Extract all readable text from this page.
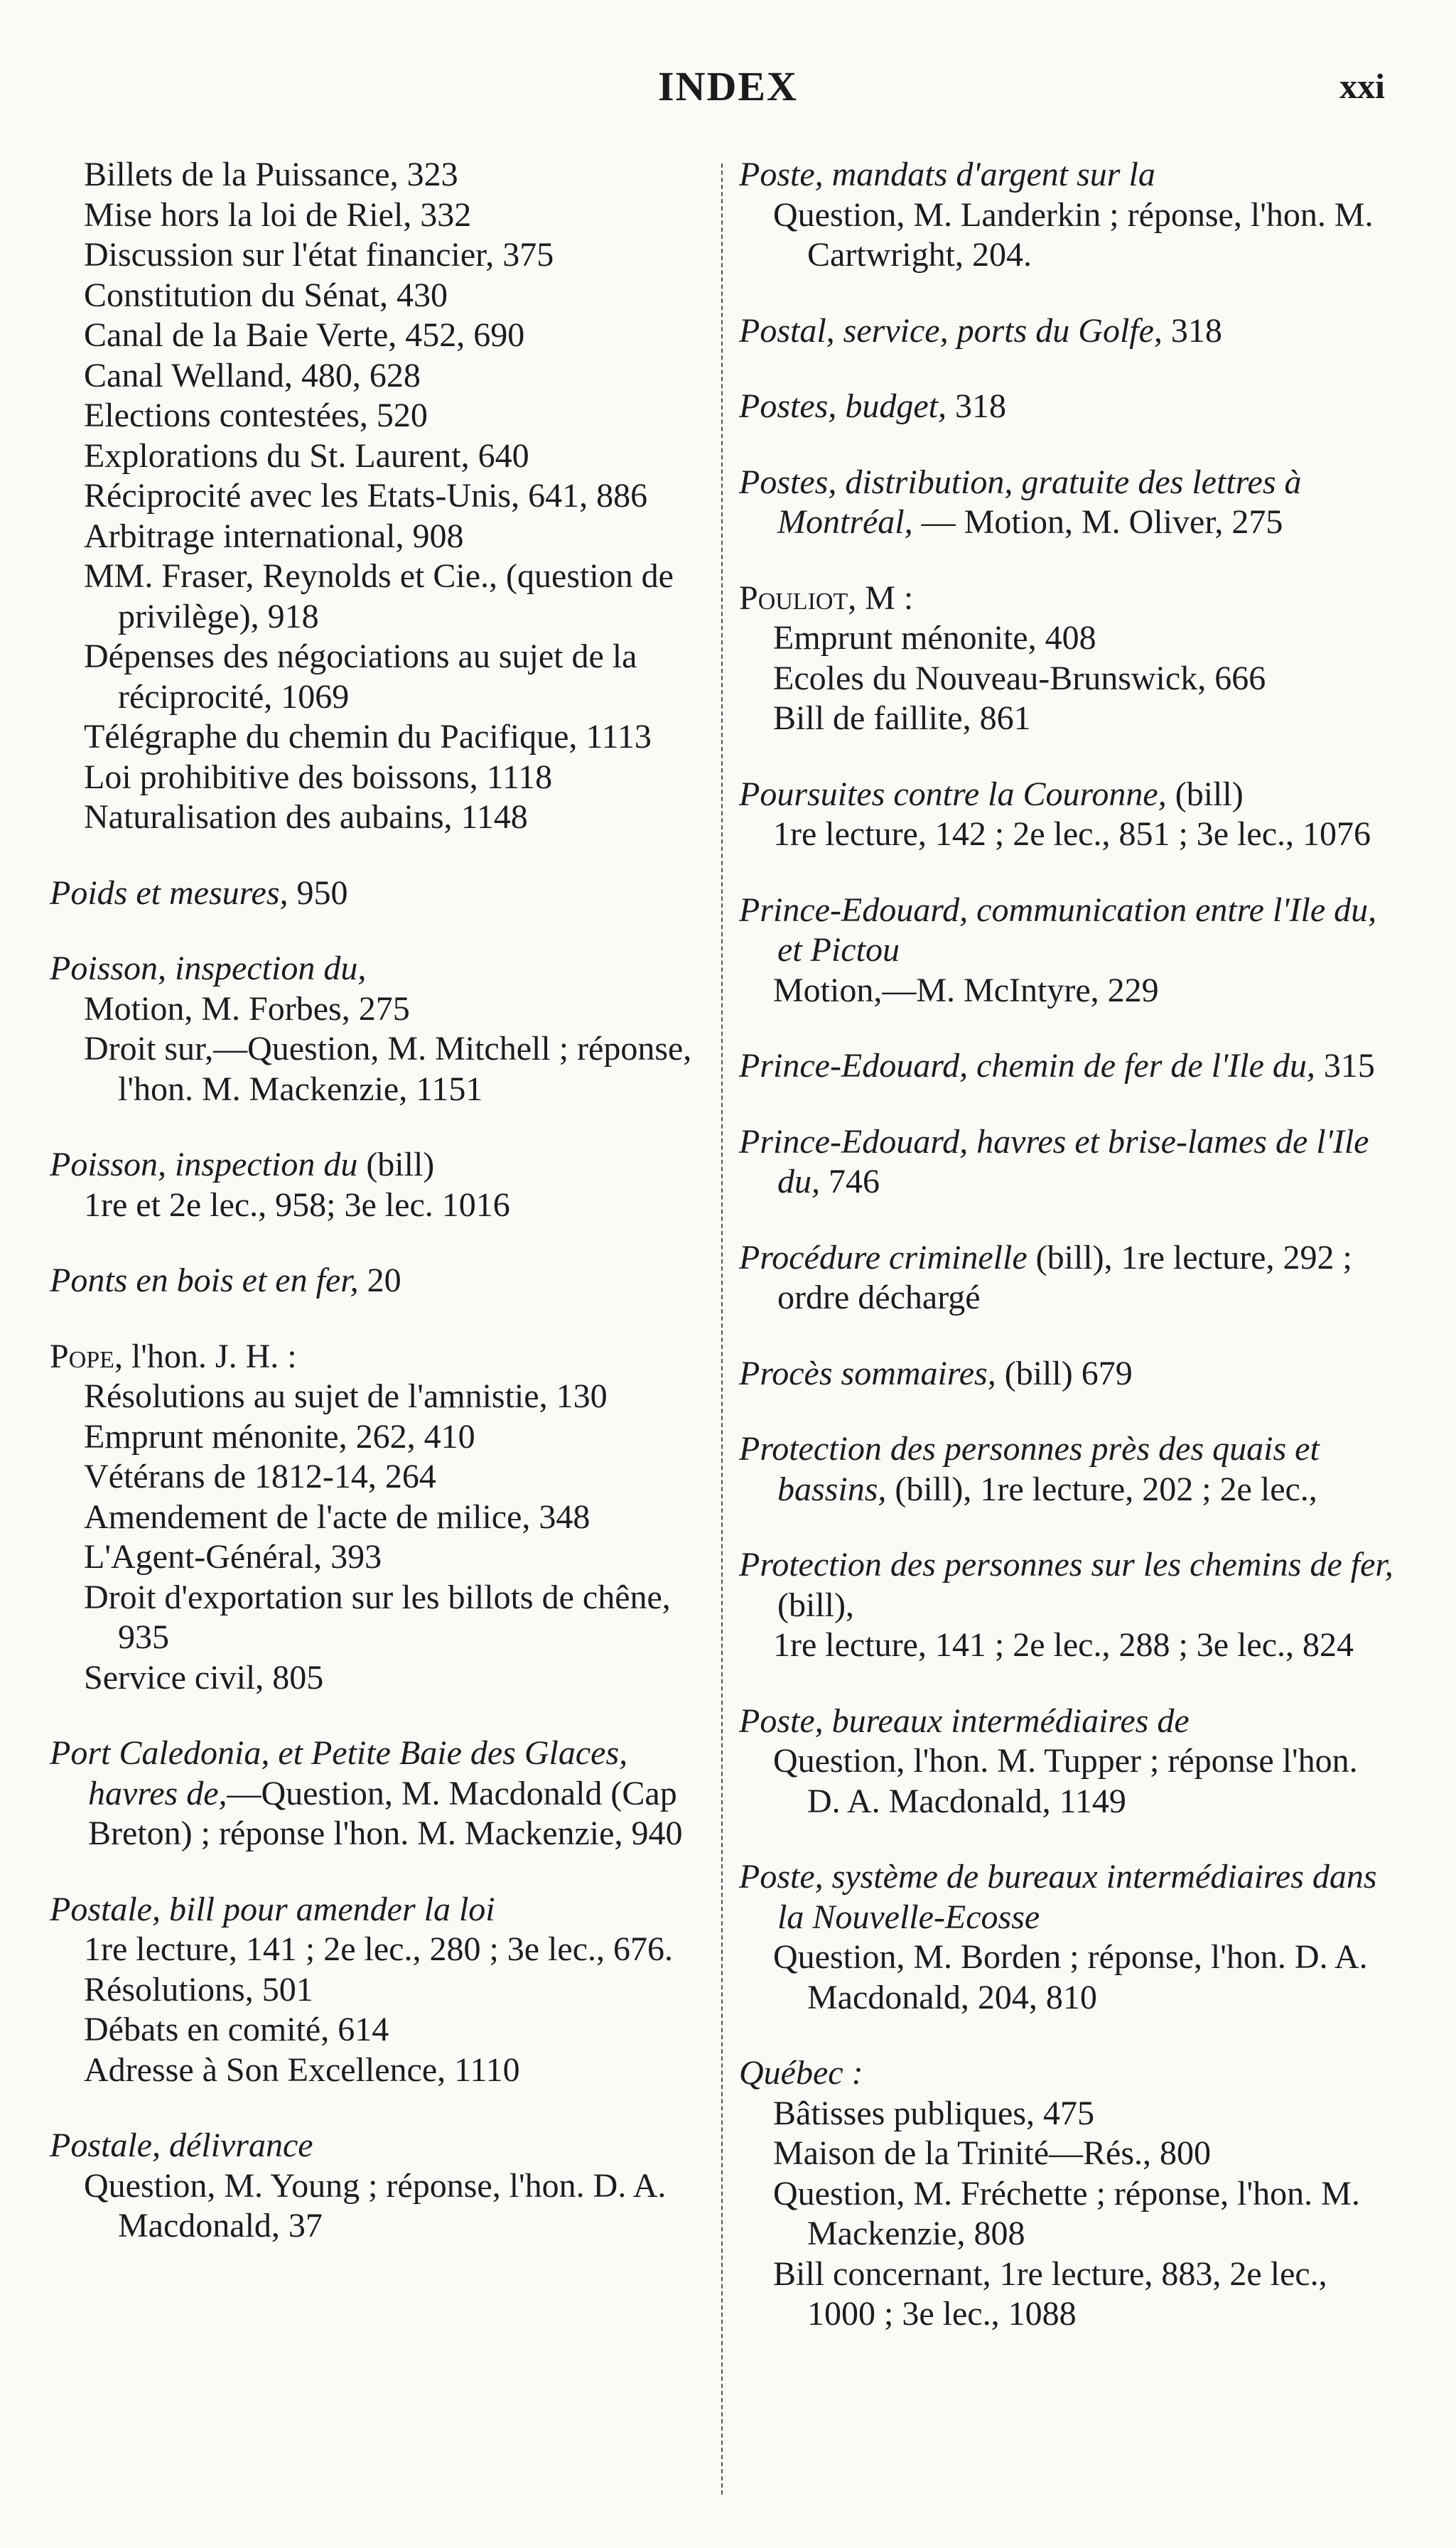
INDEX	xxi
Billets de la Puissance, 323
Mise hors la loi de Riel, 332
Discussion sur l'état financier, 375
Constitution du Sénat, 430
Canal de la Baie Verte, 452, 690
Canal Welland, 480, 628
Elections contestées, 520
Explorations du St. Laurent, 640
Réciprocité avec les Etats-Unis, 641, 886
Arbitrage international, 908
MM. Fraser, Reynolds et Cie., (question de privilège), 918
Dépenses des négociations au sujet de la réciprocité, 1069
Télégraphe du chemin du Pacifique, 1113
Loi prohibitive des boissons, 1118
Naturalisation des aubains, 1148
Poids et mesures, 950
Poisson, inspection du,
Motion, M. Forbes, 275
Droit sur,—Question, M. Mitchell ; réponse, l'hon. M. Mackenzie, 1151
Poisson, inspection du (bill)
1re et 2e lec., 958; 3e lec. 1016
Ponts en bois et en fer, 20
Pope, l'hon. J. H. :
Résolutions au sujet de l'amnistie, 130
Emprunt ménonite, 262, 410
Vétérans de 1812-14, 264
Amendement de l'acte de milice, 348
L'Agent-Général, 393
Droit d'exportation sur les billots de chêne, 935
Service civil, 805
Port Caledonia, et Petite Baie des Glaces, havres de,—Question, M. Macdonald (Cap Breton) ; réponse l'hon. M. Mackenzie, 940
Postale, bill pour amender la loi
1re lecture, 141 ; 2e lec., 280 ; 3e lec., 676.
Résolutions, 501
Débats en comité, 614
Adresse à Son Excellence, 1110
Postale, délivrance
Question, M. Young ; réponse, l'hon. D. A. Macdonald, 37
Poste, mandats d'argent sur la
Question, M. Landerkin ; réponse, l'hon. M. Cartwright, 204.
Postal, service, ports du Golfe, 318
Postes, budget, 318
Postes, distribution, gratuite des lettres à Montréal, — Motion, M. Oliver, 275
Pouliot, M :
Emprunt ménonite, 408
Ecoles du Nouveau-Brunswick, 666
Bill de faillite, 861
Poursuites contre la Couronne, (bill)
1re lecture, 142 ; 2e lec., 851 ; 3e lec., 1076
Prince-Edouard, communication entre l'Ile du, et Pictou
Motion,—M. McIntyre, 229
Prince-Edouard, chemin de fer de l'Ile du, 315
Prince-Edouard, havres et brise-lames de l'Ile du, 746
Procédure criminelle (bill), 1re lecture, 292 ; ordre déchargé
Procès sommaires, (bill) 679
Protection des personnes près des quais et bassins, (bill), 1re lecture, 202 ; 2e lec.,
Protection des personnes sur les chemins de fer, (bill),
1re lecture, 141 ; 2e lec., 288 ; 3e lec., 824
Poste, bureaux intermédiaires de
Question, l'hon. M. Tupper ; réponse l'hon. D. A. Macdonald, 1149
Poste, système de bureaux intermédiaires dans la Nouvelle-Ecosse
Question, M. Borden ; réponse, l'hon. D. A. Macdonald, 204, 810
Québec :
Bâtisses publiques, 475
Maison de la Trinité—Rés., 800
Question, M. Fréchette ; réponse, l'hon. M. Mackenzie, 808
Bill concernant, 1re lecture, 883, 2e lec., 1000 ; 3e lec., 1088
